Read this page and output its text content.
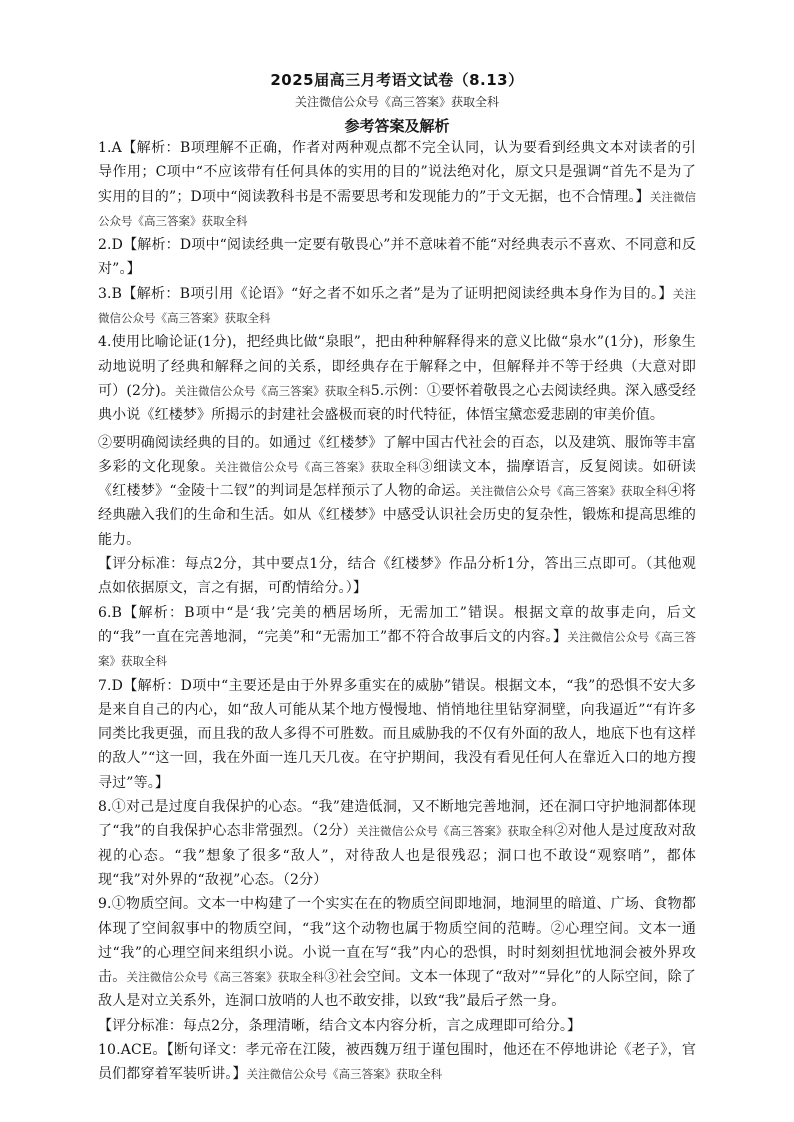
2025届高三月考语文试卷（8.13）
关注微信公众号《高三答案》获取全科
参考答案及解析

1.A【解析：B项理解不正确，作者对两种观点都不完全认同，认为要看到经典文本对读者的引导作用；C项中“不应该带有任何具体的实用的目的”说法绝对化，原文只是强调“首先不是为了实用的目的”；D项中“阅读教科书是不需要思考和发现能力的”于文无据，也不合情理。】关注微信公众号《高三答案》获取全科

2.D【解析：D项中“阅读经典一定要有敬畏心”并不意味着不能“对经典表示不喜欢、不同意和反对”。】

3.B【解析：B项引用《论语》“好之者不如乐之者”是为了证明把阅读经典本身作为目的。】关注微信公众号《高三答案》获取全科

4.使用比喻论证(1分)，把经典比做“泉眼”，把由种种解释得来的意义比做“泉水”(1分)，形象生动地说明了经典和解释之间的关系，即经典存在于解释之中，但解释并不等于经典（大意对即可）(2分)。关注微信公众号《高三答案》获取全科5.示例：①要怀着敬畏之心去阅读经典。深入感受经典小说《红楼梦》所揭示的封建社会盛极而衰的时代特征，体悟宝黛恋爱悲剧的审美价值。

②要明确阅读经典的目的。如通过《红楼梦》了解中国古代社会的百态，以及建筑、服饰等丰富多彩的文化现象。关注微信公众号《高三答案》获取全科③细读文本，揣摩语言，反复阅读。如研读《红楼梦》“金陵十二钗”的判词是怎样预示了人物的命运。关注微信公众号《高三答案》获取全科④将经典融入我们的生命和生活。如从《红楼梦》中感受认识社会历史的复杂性，锻炼和提高思维的能力。

【评分标准：每点2分，其中要点1分，结合《红楼梦》作品分析1分，答出三点即可。（其他观点如依据原文，言之有据，可酌情给分。）】

6.B【解析：B项中“是‘我’完美的栖居场所，无需加工”错误。根据文章的故事走向，后文的“我”一直在完善地洞，“完美”和“无需加工”都不符合故事后文的内容。】关注微信公众号《高三答案》获取全科

7.D【解析：D项中“主要还是由于外界多重实在的威胁”错误。根据文本，“我”的恐惧不安大多是来自自己的内心，如“敌人可能从某个地方慢慢地、悄悄地往里钻穿洞壁，向我逼近”“有许多同类比我更强，而且我的敌人多得不可胜数。而且威胁我的不仅有外面的敌人，地底下也有这样的敌人”“这一回，我在外面一连几天几夜。在守护期间，我没有看见任何人在靠近入口的地方搜寻过”等。】

8.①对己是过度自我保护的心态。“我”建造低洞，又不断地完善地洞，还在洞口守护地洞都体现了“我”的自我保护心态非常强烈。（2分）关注微信公众号《高三答案》获取全科②对他人是过度敌对敌视的心态。“我”想象了很多“敌人”，对待敌人也是很残忍；洞口也不敢设“观察哨”，都体现“我”对外界的“敌视”心态。（2分）

9.①物质空间。文本一中构建了一个实实在在的物质空间即地洞，地洞里的暗道、广场、食物都体现了空间叙事中的物质空间，“我”这个动物也属于物质空间的范畴。②心理空间。文本一通过“我”的心理空间来组织小说。小说一直在写“我”内心的恐惧，时时刻刻担忧地洞会被外界攻击。关注微信公众号《高三答案》获取全科③社会空间。文本一体现了“敌对”“异化”的人际空间，除了敌人是对立关系外，连洞口放哨的人也不敢安排，以致“我”最后孑然一身。

【评分标准：每点2分，条理清晰，结合文本内容分析，言之成理即可给分。】

10.ACE。【断句译文：孝元帝在江陵，被西魏万纽于谨包围时，他还在不停地讲论《老子》，官员们都穿着军装听讲。】关注微信公众号《高三答案》获取全科
